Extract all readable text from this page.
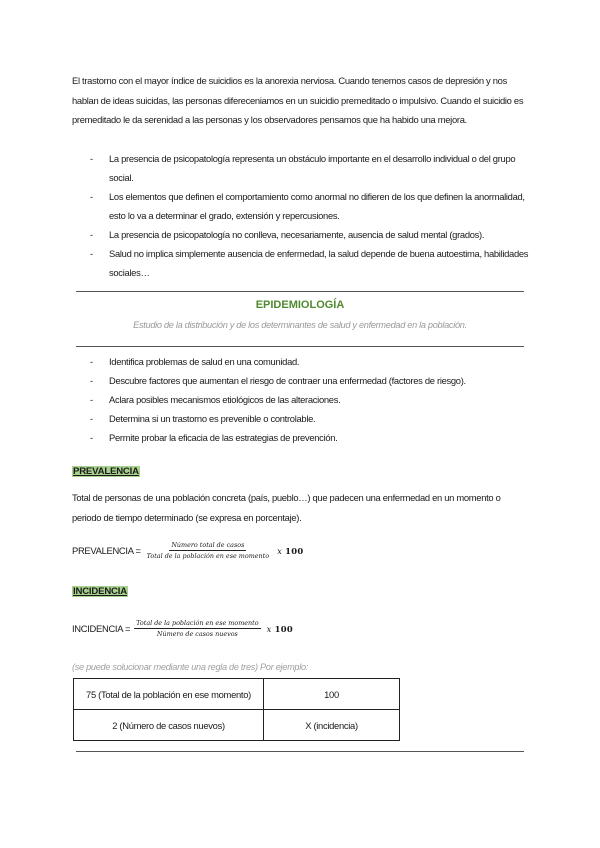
El trastorno con el mayor índice de suicidios es la anorexia nerviosa. Cuando tenemos casos de depresión y nos hablan de ideas suicidas, las personas difereceniamos en un suicidio premeditado o impulsivo. Cuando el suicidio es premeditado le da serenidad a las personas y los observadores pensamos que ha habido una mejora.

- La presencia de psicopatología representa un obstáculo importante en el desarrollo individual o del grupo social.
- Los elementos que definen el comportamiento como anormal no difieren de los que definen la anormalidad, esto lo va a determinar el grado, extensión y repercusiones.
- La presencia de psicopatología no conlleva, necesariamente, ausencia de salud mental (grados).
- Salud no implica simplemente ausencia de enfermedad, la salud depende de buena autoestima, habilidades sociales…
EPIDEMIOLOGÍA
Estudio de la distribución y de los determinantes de salud y enfermedad en la población.
- Identifica problemas de salud en una comunidad.
- Descubre factores que aumentan el riesgo de contraer una enfermedad (factores de riesgo).
- Aclara posibles mecanismos etiológicos de las alteraciones.
- Determina si un trastorno es prevenible o controlable.
- Permite probar la eficacia de las estrategias de prevención.
PREVALENCIA

Total de personas de una población concreta (país, pueblo…) que padecen una enfermedad en un momento o periodo de tiempo determinado (se expresa en porcentaje).

PREVALENCIA = $\frac{\text{Número total de casos}}{\text{Total de la población en ese momento}}$ x 100
INCIDENCIA
INCIDENCIA = $\frac{\text{Total de la población en ese momento}}{\text{Número de casos nuevos}}$ x 100
(se puede solucionar mediante una regla de tres) Por ejemplo:
75 (Total de la población en ese momento)	100
2 (Número de casos nuevos)	X (incidencia)
